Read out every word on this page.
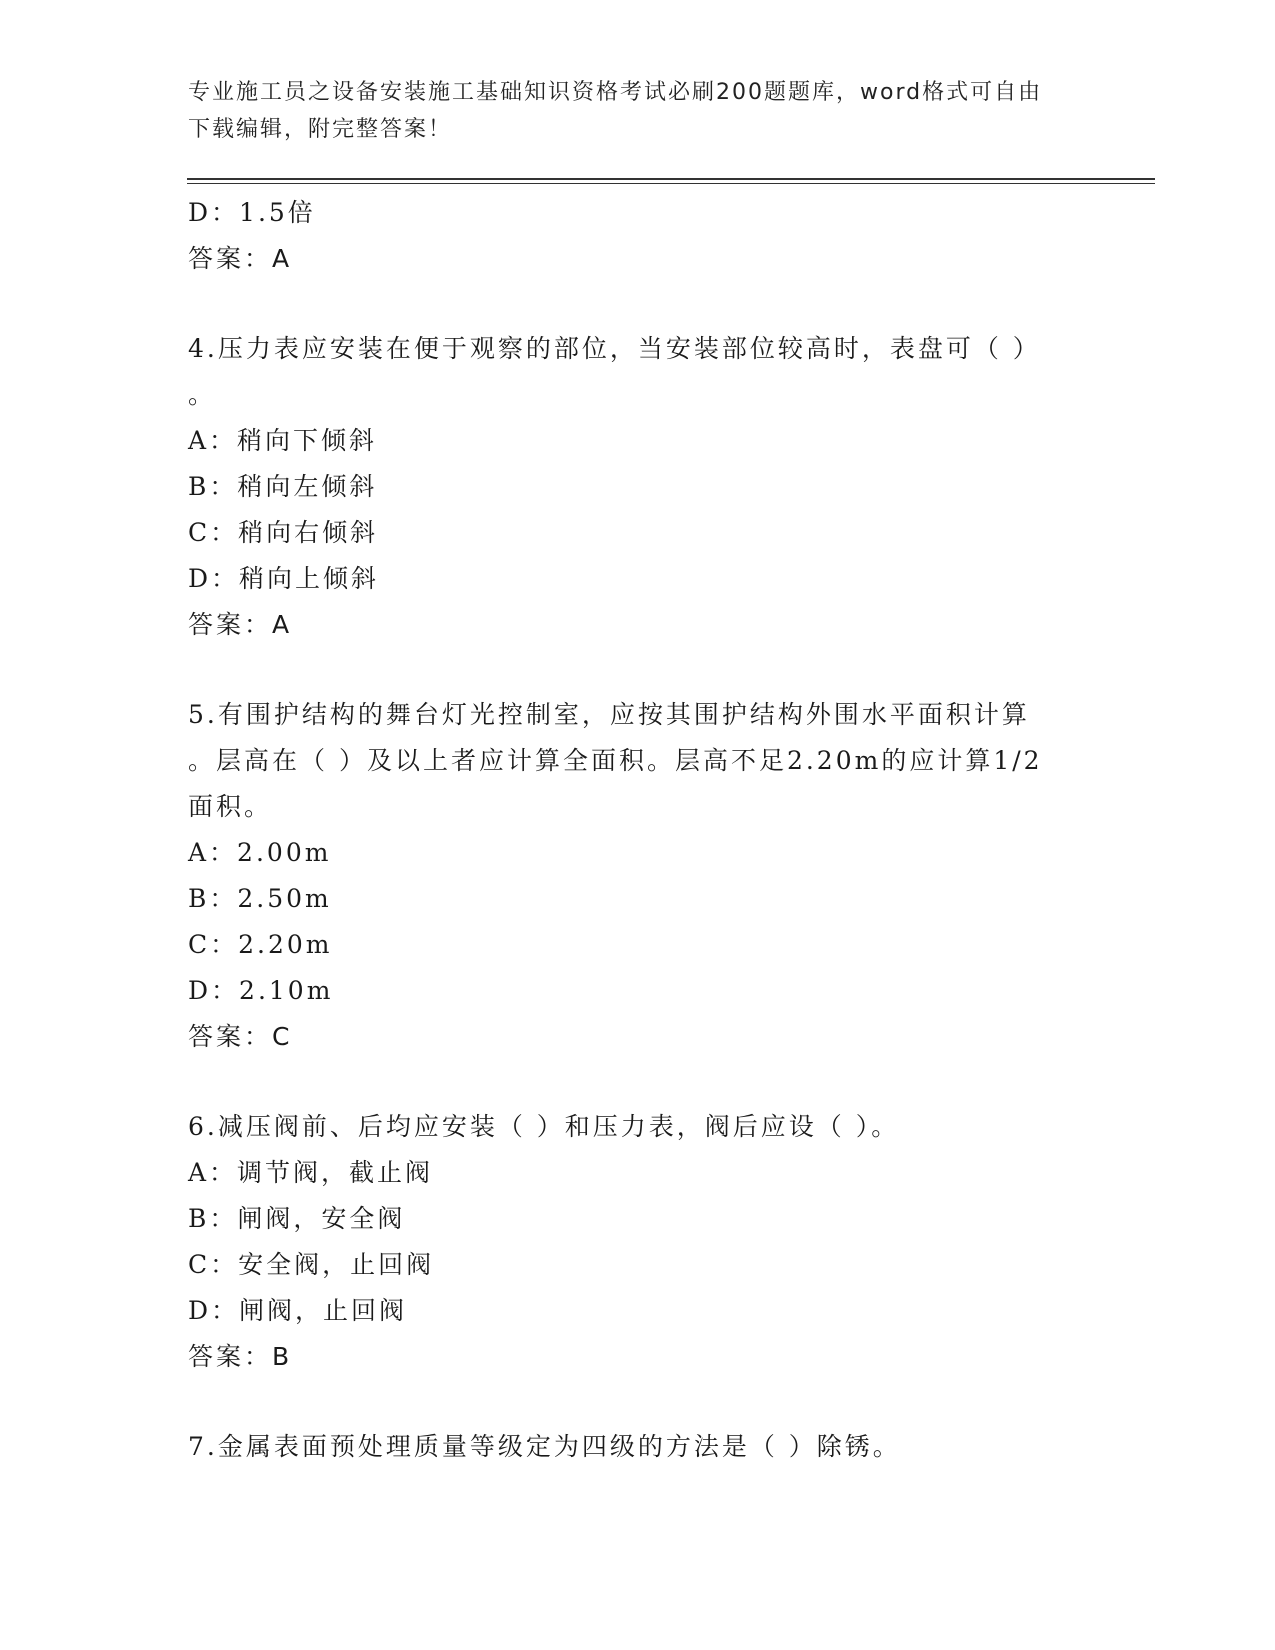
专业施工员之设备安装施工基础知识资格考试必刷200题题库，word格式可自由
下载编辑，附完整答案！
D：1.5倍
答案：A
4.压力表应安装在便于观察的部位，当安装部位较高时，表盘可（ ）
。
A：稍向下倾斜
B：稍向左倾斜
C：稍向右倾斜
D：稍向上倾斜
答案：A
5.有围护结构的舞台灯光控制室，应按其围护结构外围水平面积计算
。层高在（ ）及以上者应计算全面积。层高不足2.20m的应计算1/2
面积。
A：2.00m
B：2.50m
C：2.20m
D：2.10m
答案：C
6.减压阀前、后均应安装（ ）和压力表，阀后应设（ ）。
A：调节阀，截止阀
B：闸阀，安全阀
C：安全阀，止回阀
D：闸阀，止回阀
答案：B
7.金属表面预处理质量等级定为四级的方法是（ ）除锈。
